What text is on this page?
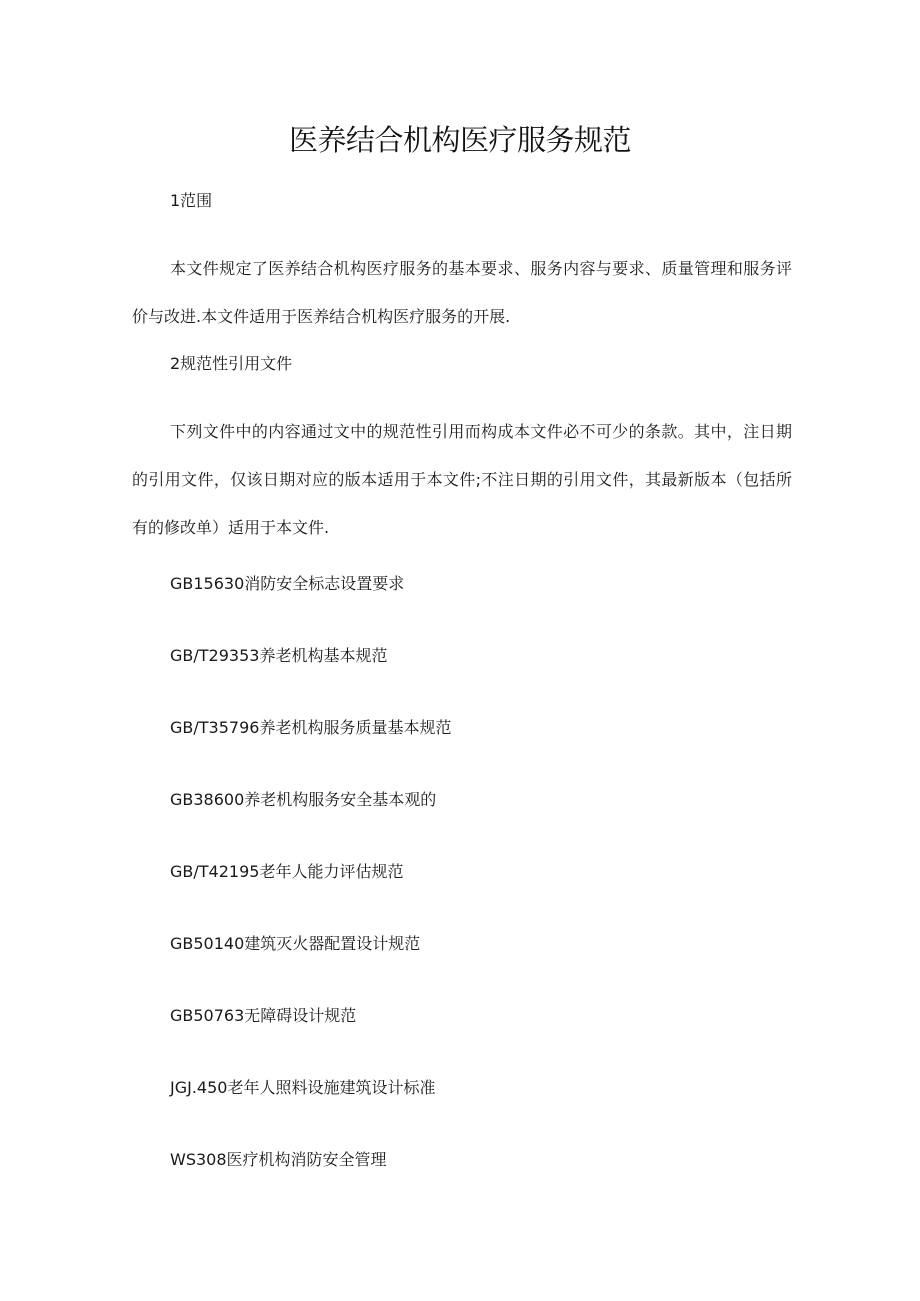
医养结合机构医疗服务规范
1范围
本文件规定了医养结合机构医疗服务的基本要求、服务内容与要求、质量管理和服务评价与改进.本文件适用于医养结合机构医疗服务的开展.
2规范性引用文件
下列文件中的内容通过文中的规范性引用而构成本文件必不可少的条款。其中，注日期的引用文件，仅该日期对应的版本适用于本文件;不注日期的引用文件，其最新版本（包括所有的修改单）适用于本文件.
GB15630消防安全标志设置要求
GB/T29353养老机构基本规范
GB/T35796养老机构服务质量基本规范
GB38600养老机构服务安全基本观的
GB/T42195老年人能力评估规范
GB50140建筑灭火器配置设计规范
GB50763无障碍设计规范
JGJ.450老年人照料设施建筑设计标准
WS308医疗机构消防安全管理
